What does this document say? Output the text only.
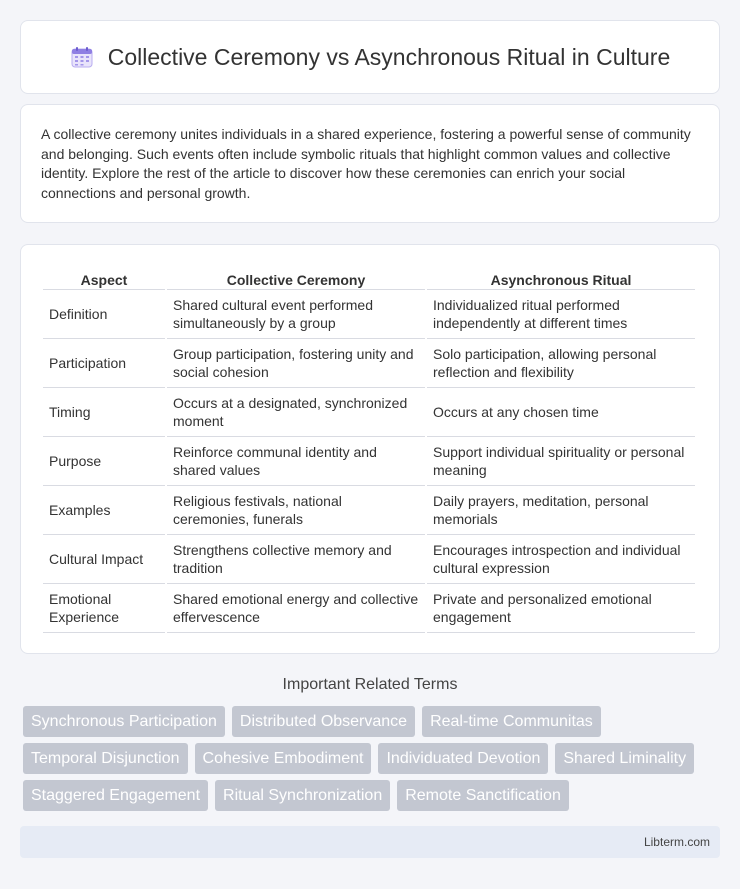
Collective Ceremony vs Asynchronous Ritual in Culture

A collective ceremony unites individuals in a shared experience, fostering a powerful sense of community and belonging. Such events often include symbolic rituals that highlight common values and collective identity. Explore the rest of the article to discover how these ceremonies can enrich your social connections and personal growth.

Aspect	Collective Ceremony	Asynchronous Ritual
Definition	Shared cultural event performed simultaneously by a group	Individualized ritual performed independently at different times
Participation	Group participation, fostering unity and social cohesion	Solo participation, allowing personal reflection and flexibility
Timing	Occurs at a designated, synchronized moment	Occurs at any chosen time
Purpose	Reinforce communal identity and shared values	Support individual spirituality or personal meaning
Examples	Religious festivals, national ceremonies, funerals	Daily prayers, meditation, personal memorials
Cultural Impact	Strengthens collective memory and tradition	Encourages introspection and individual cultural expression
Emotional Experience	Shared emotional energy and collective effervescence	Private and personalized emotional engagement
Important Related Terms
Synchronous Participation	Distributed Observance	Real-time Communitas
Temporal Disjunction	Cohesive Embodiment	Individuated Devotion	Shared Liminality
Staggered Engagement	Ritual Synchronization	Remote Sanctification
Libterm.com
